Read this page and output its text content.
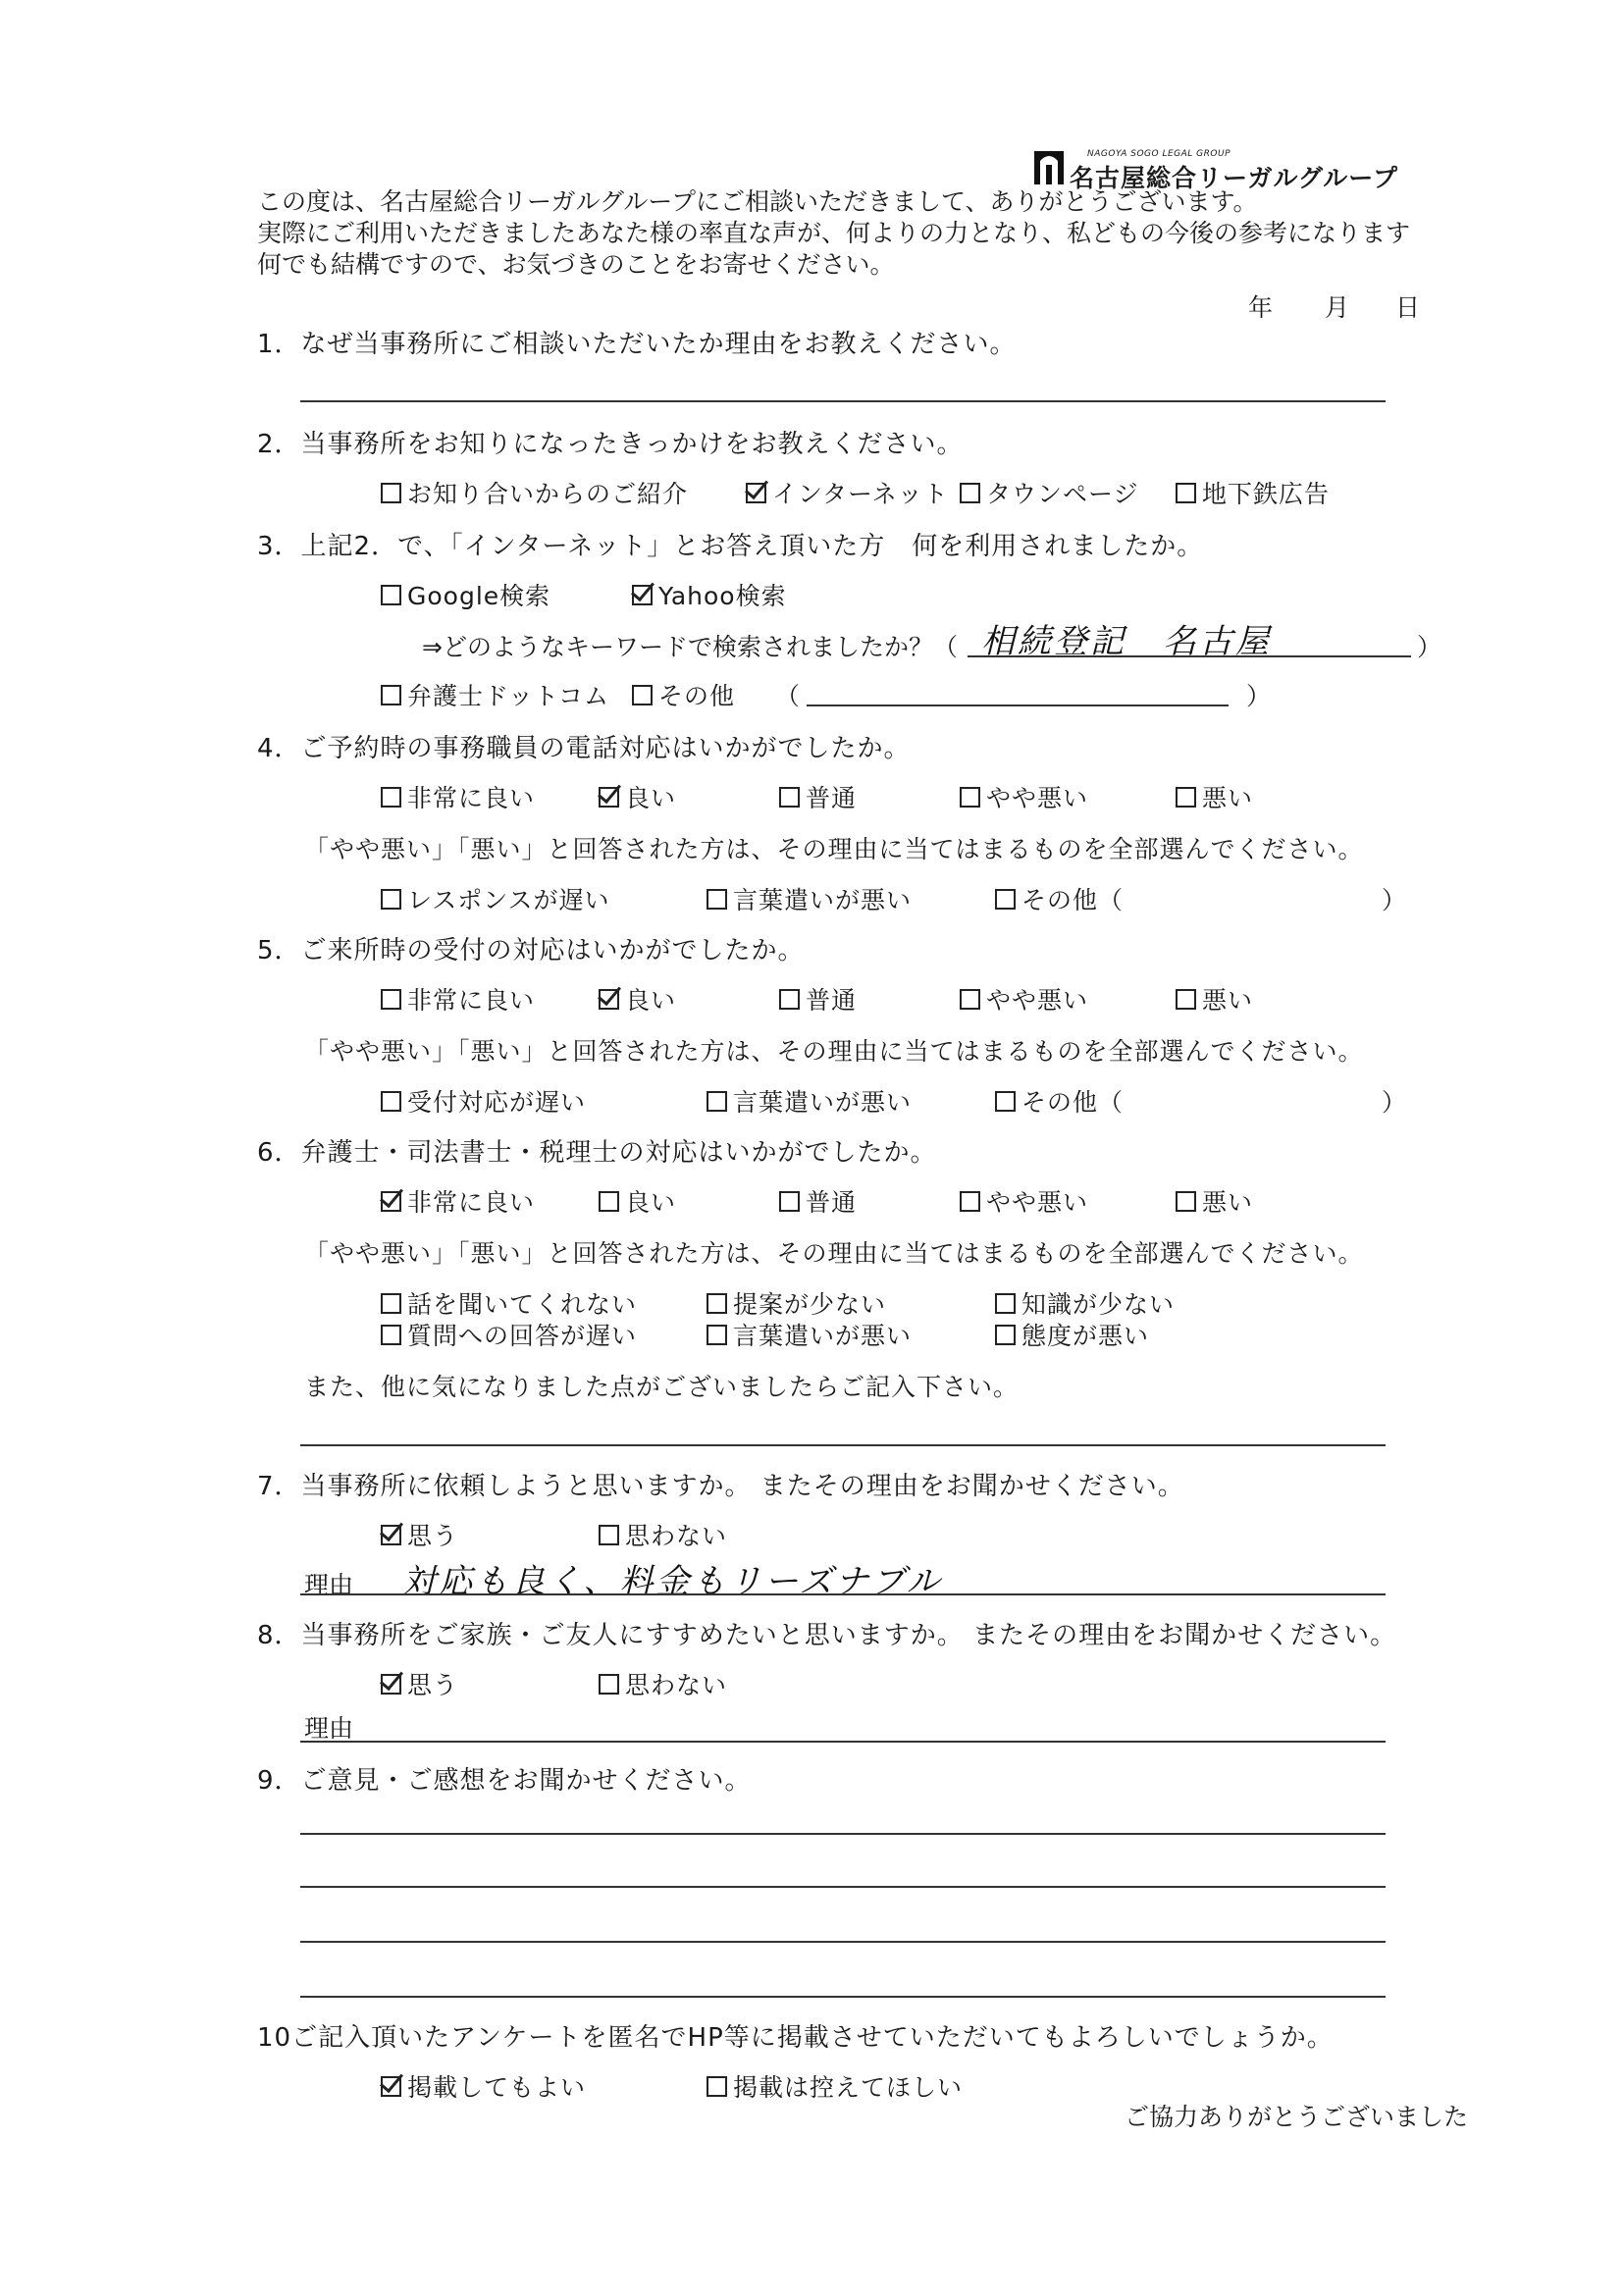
NAGOYA SOGO LEGAL GROUP
名古屋総合リーガルグループ
この度は、名古屋総合リーガルグループにご相談いただきまして、ありがとうございます。
実際にご利用いただきましたあなた様の率直な声が、何よりの力となり、私どもの今後の参考になります
何でも結構ですので、お気づきのことをお寄せください。
年 月 日
1．なぜ当事務所にご相談いただいたか理由をお教えください。
2．当事務所をお知りになったきっかけをお教えください。
お知り合いからのご紹介	インターネット タウンページ	地下鉄広告
3．上記2．で、「インターネット」とお答え頂いた方　何を利用されましたか。
Google検索	Yahoo検索
⇒どのようなキーワードで検索されましたか？（ 相続登記　名古屋	）
弁護士ドットコム その他 （	）
4．ご予約時の事務職員の電話対応はいかがでしたか。
非常に良い	良い	普通	やや悪い	悪い
「やや悪い」「悪い」と回答された方は、その理由に当てはまるものを全部選んでください。
レスポンスが遅い	言葉遣いが悪い	その他（	）
5．ご来所時の受付の対応はいかがでしたか。
非常に良い	良い	普通	やや悪い	悪い
「やや悪い」「悪い」と回答された方は、その理由に当てはまるものを全部選んでください。
受付対応が遅い	言葉遣いが悪い	その他（	）
6．弁護士・司法書士・税理士の対応はいかがでしたか。
非常に良い	良い	普通	やや悪い	悪い
「やや悪い」「悪い」と回答された方は、その理由に当てはまるものを全部選んでください。
話を聞いてくれない	提案が少ない	知識が少ない
質問への回答が遅い	言葉遣いが悪い	態度が悪い
また、他に気になりました点がございましたらご記入下さい。
7．当事務所に依頼しようと思いますか。 またその理由をお聞かせください。
思う	思わない
理由 対応も良く、料金もリーズナブル
8．当事務所をご家族・ご友人にすすめたいと思いますか。 またその理由をお聞かせください。
思う	思わない
理由
9．ご意見・ご感想をお聞かせください。
10ご記入頂いたアンケートを匿名でHP等に掲載させていただいてもよろしいでしょうか。
掲載してもよい	掲載は控えてほしい
ご協力ありがとうございました
